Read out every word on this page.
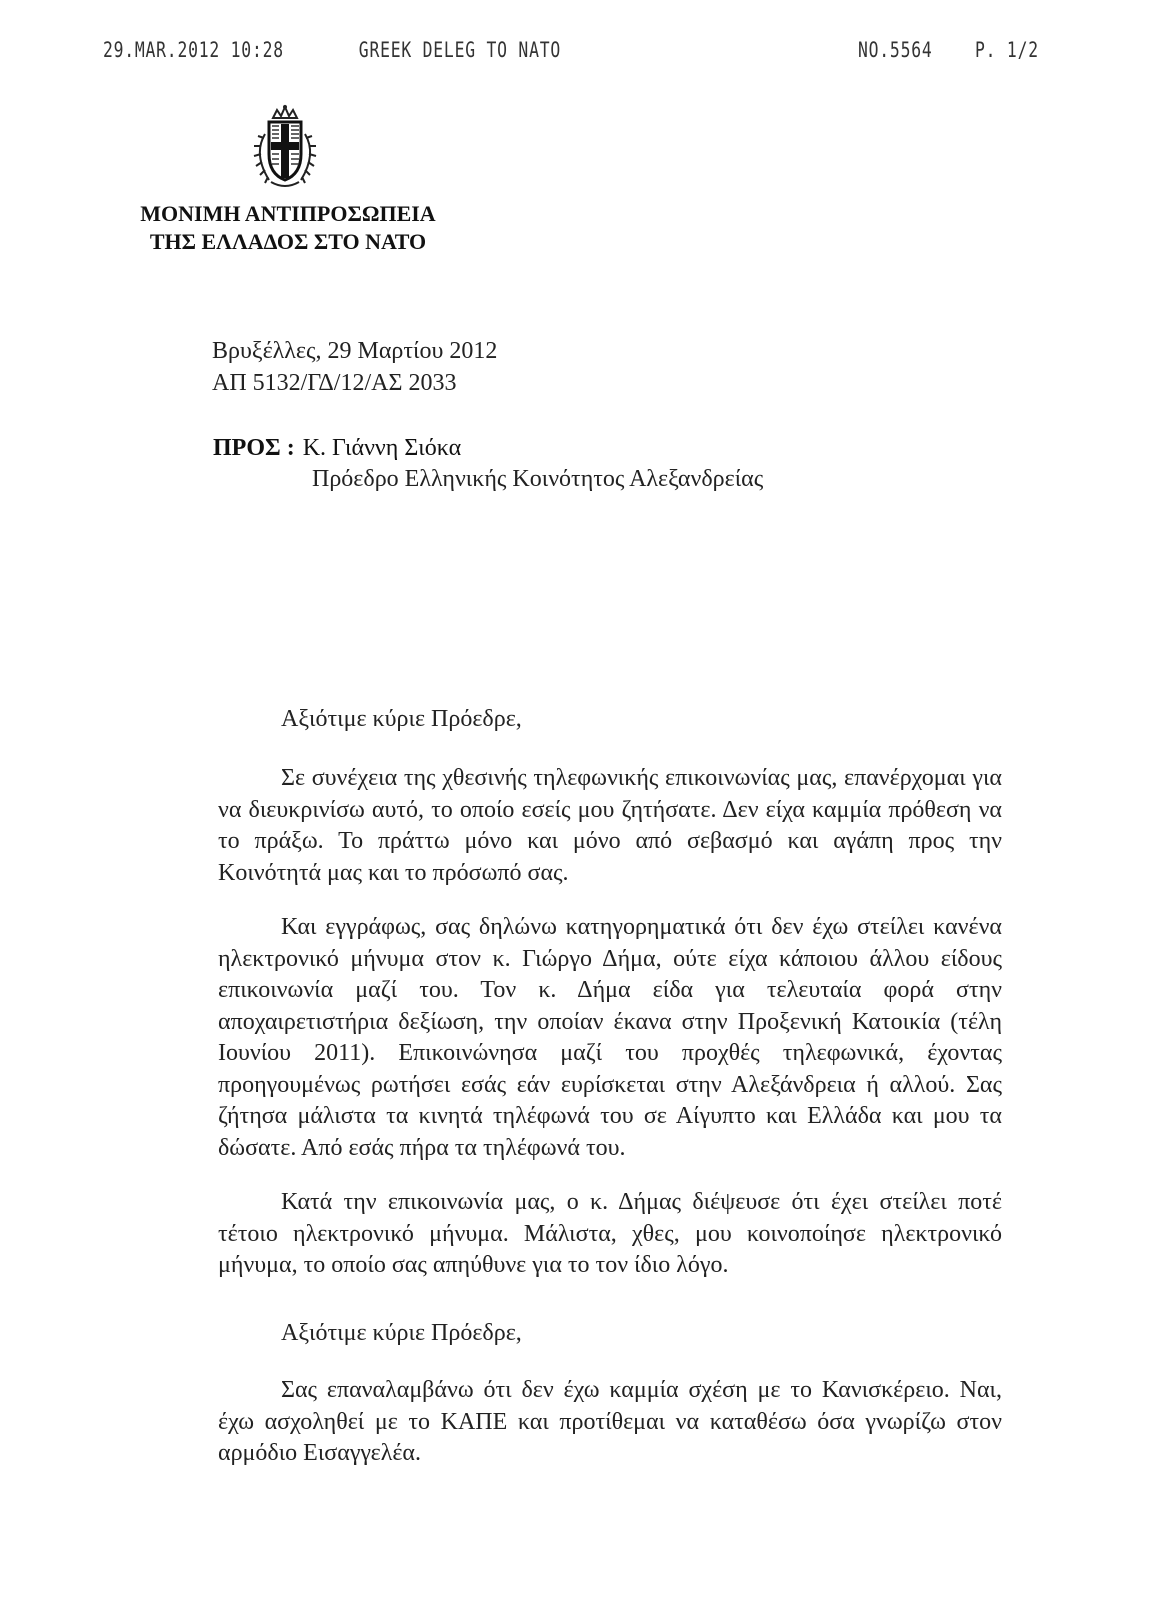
29.MAR.2012 10:28	GREEK DELEG TO NATO	NO.5564 P. 1/2
ΜΟΝΙΜΗ ΑΝΤΙΠΡΟΣΩΠΕΙΑ
ΤΗΣ ΕΛΛΑΔΟΣ ΣΤΟ ΝΑΤΟ
Βρυξέλλες, 29 Μαρτίου 2012
ΑΠ 5132/ΓΔ/12/ΑΣ 2033
ΠΡΟΣ : Κ. Γιάννη Σιόκα
Πρόεδρο Ελληνικής Κοινότητος Αλεξανδρείας
Αξιότιμε κύριε Πρόεδρε,
Σε συνέχεια της χθεσινής τηλεφωνικής επικοινωνίας μας, επανέρχομαι για να διευκρινίσω αυτό, το οποίο εσείς μου ζητήσατε. Δεν είχα καμμία πρόθεση να το πράξω. Το πράττω μόνο και μόνο από σεβασμό και αγάπη προς την Κοινότητά μας και το πρόσωπό σας.
Και εγγράφως, σας δηλώνω κατηγορηματικά ότι δεν έχω στείλει κανένα ηλεκτρονικό μήνυμα στον κ. Γιώργο Δήμα, ούτε είχα κάποιου άλλου είδους επικοινωνία μαζί του. Τον κ. Δήμα είδα για τελευταία φορά στην αποχαιρετιστήρια δεξίωση, την οποίαν έκανα στην Προξενική Κατοικία (τέλη Ιουνίου 2011). Επικοινώνησα μαζί του προχθές τηλεφωνικά, έχοντας προηγουμένως ρωτήσει εσάς εάν ευρίσκεται στην Αλεξάνδρεια ή αλλού. Σας ζήτησα μάλιστα τα κινητά τηλέφωνά του σε Αίγυπτο και Ελλάδα και μου τα δώσατε. Από εσάς πήρα τα τηλέφωνά του.
Κατά την επικοινωνία μας, ο κ. Δήμας διέψευσε ότι έχει στείλει ποτέ τέτοιο ηλεκτρονικό μήνυμα. Μάλιστα, χθες, μου κοινοποίησε ηλεκτρονικό μήνυμα, το οποίο σας απηύθυνε για το τον ίδιο λόγο.
Αξιότιμε κύριε Πρόεδρε,
Σας επαναλαμβάνω ότι δεν έχω καμμία σχέση με το Κανισκέρειο. Ναι, έχω ασχοληθεί με το ΚΑΠΕ και προτίθεμαι να καταθέσω όσα γνωρίζω στον αρμόδιο Εισαγγελέα.
